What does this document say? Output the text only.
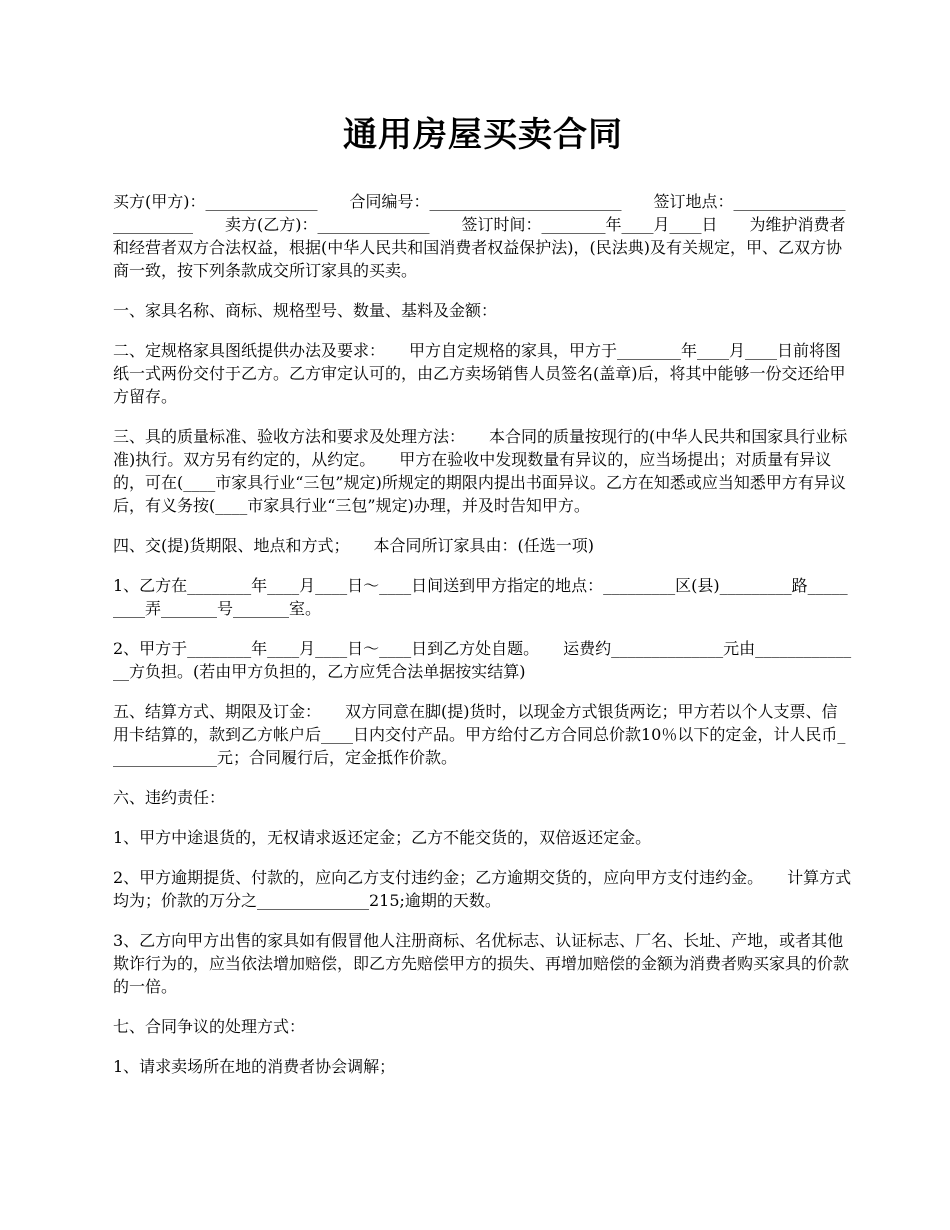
通用房屋买卖合同

买方(甲方)：______________　　合同编号：________________________　　签订地点：________________________　　卖方(乙方)：______________　　签订时间：________年____月____日　　为维护消费者和经营者双方合法权益，根据(中华人民共和国消费者权益保护法)，(民法典)及有关规定，甲、乙双方协商一致，按下列条款成交所订家具的买卖。

一、家具名称、商标、规格型号、数量、基料及金额：

二、定规格家具图纸提供办法及要求：　　甲方自定规格的家具，甲方于________年____月____日前将图纸一式两份交付于乙方。乙方审定认可的，由乙方卖场销售人员签名(盖章)后，将其中能够一份交还给甲方留存。

三、具的质量标准、验收方法和要求及处理方法：　　本合同的质量按现行的(中华人民共和国家具行业标准)执行。双方另有约定的，从约定。　　甲方在验收中发现数量有异议的，应当场提出；对质量有异议的，可在(____市家具行业“三包”规定)所规定的期限内提出书面异议。乙方在知悉或应当知悉甲方有异议后，有义务按(____市家具行业“三包”规定)办理，并及时告知甲方。

四、交(提)货期限、地点和方式；　　本合同所订家具由：(任选一项)

1、乙方在________年____月____日～____日间送到甲方指定的地点：_________区(县)_________路_________弄_______号_______室。

2、甲方于________年____月____日～____日到乙方处自题。　　运费约______________元由______________方负担。(若由甲方负担的，乙方应凭合法单据按实结算)

五、结算方式、期限及订金：　　双方同意在脚(提)货时，以现金方式银货两讫；甲方若以个人支票、信用卡结算的，款到乙方帐户后____日内交付产品。甲方给付乙方合同总价款10％以下的定金，计人民币______________元；合同履行后，定金抵作价款。

六、违约责任：

1、甲方中途退货的，无权请求返还定金；乙方不能交货的，双倍返还定金。

2、甲方逾期提货、付款的，应向乙方支付违约金；乙方逾期交货的，应向甲方支付违约金。　　计算方式均为；价款的万分之______________215;逾期的天数。

3、乙方向甲方出售的家具如有假冒他人注册商标、名优标志、认证标志、厂名、长址、产地，或者其他欺诈行为的，应当依法增加赔偿，即乙方先赔偿甲方的损失、再增加赔偿的金额为消费者购买家具的价款的一倍。

七、合同争议的处理方式：

1、请求卖场所在地的消费者协会调解；
